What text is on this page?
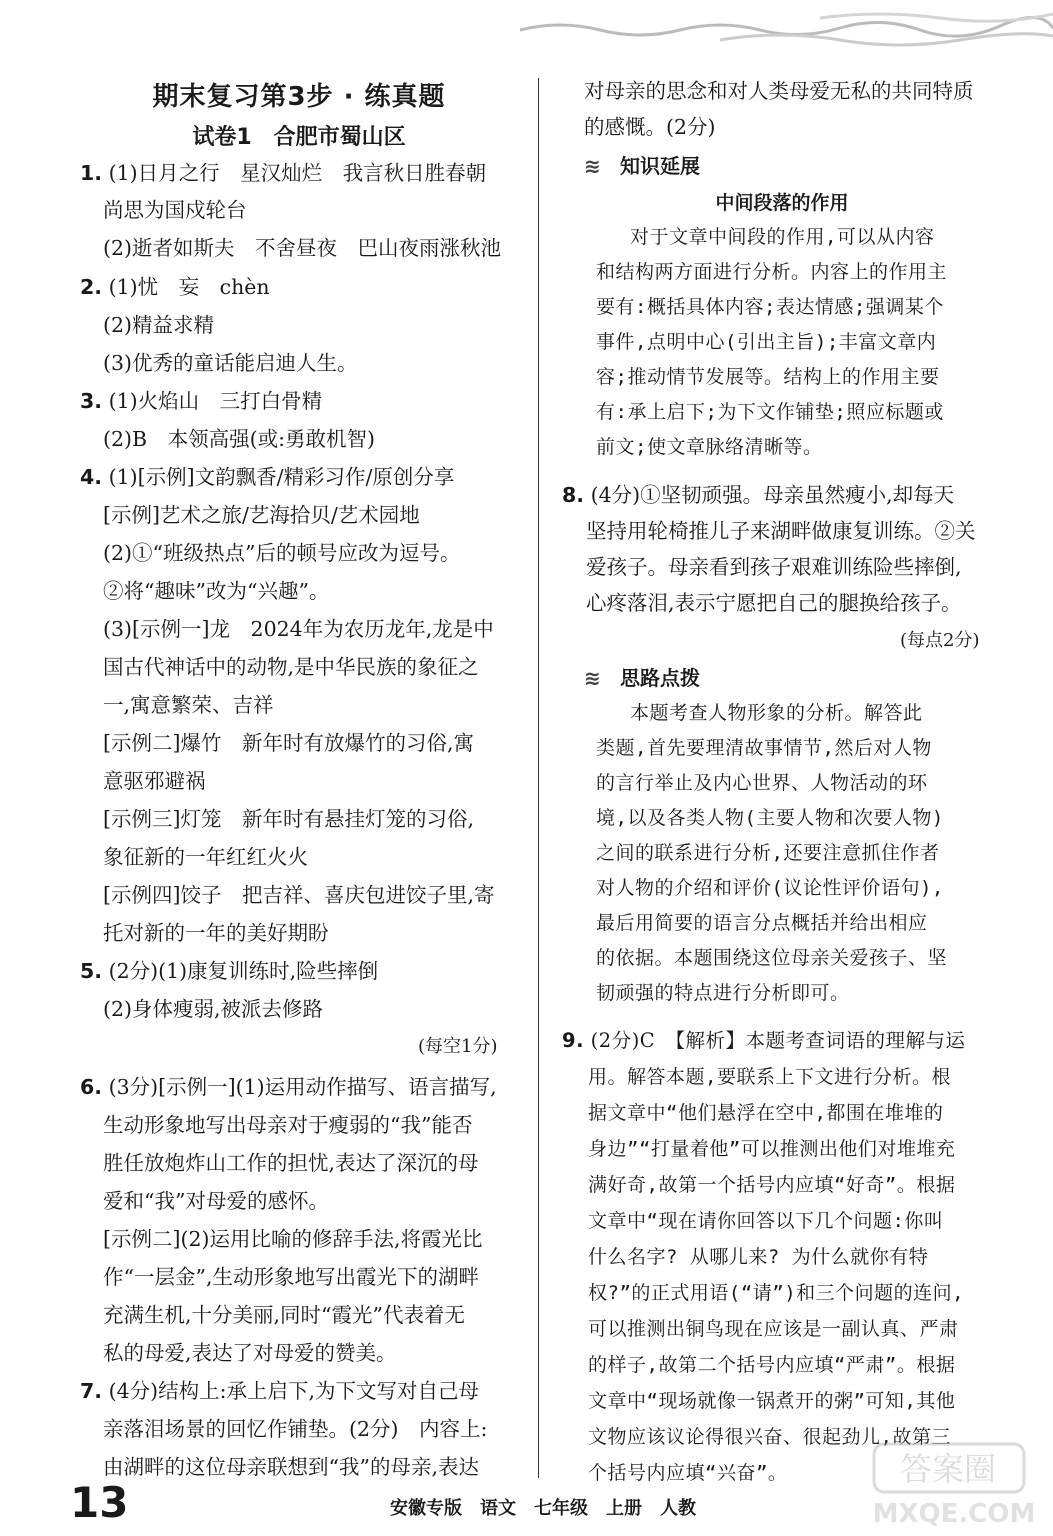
期末复习第3步 · 练真题
试卷1　合肥市蜀山区
1. (1)日月之行　星汉灿烂　我言秋日胜春朝
尚思为国戍轮台
(2)逝者如斯夫　不舍昼夜　巴山夜雨涨秋池
2. (1)忧　妄　chèn
(2)精益求精
(3)优秀的童话能启迪人生。
3. (1)火焰山　三打白骨精
(2)B　本领高强(或:勇敢机智)
4. (1)[示例]文韵飘香/精彩习作/原创分享
[示例]艺术之旅/艺海拾贝/艺术园地
(2)①“班级热点”后的顿号应改为逗号。
②将“趣味”改为“兴趣”。
(3)[示例一]龙　2024年为农历龙年,龙是中
国古代神话中的动物,是中华民族的象征之
一,寓意繁荣、吉祥
[示例二]爆竹　新年时有放爆竹的习俗,寓
意驱邪避祸
[示例三]灯笼　新年时有悬挂灯笼的习俗,
象征新的一年红红火火
[示例四]饺子　把吉祥、喜庆包进饺子里,寄
托对新的一年的美好期盼
5. (2分)(1)康复训练时,险些摔倒
(2)身体瘦弱,被派去修路
(每空1分)
6. (3分)[示例一](1)运用动作描写、语言描写,
生动形象地写出母亲对于瘦弱的“我”能否
胜任放炮炸山工作的担忧,表达了深沉的母
爱和“我”对母爱的感怀。
[示例二](2)运用比喻的修辞手法,将霞光比
作“一层金”,生动形象地写出霞光下的湖畔
充满生机,十分美丽,同时“霞光”代表着无
私的母爱,表达了对母爱的赞美。
7. (4分)结构上:承上启下,为下文写对自己母
亲落泪场景的回忆作铺垫。(2分)　内容上:
由湖畔的这位母亲联想到“我”的母亲,表达
对母亲的思念和对人类母爱无私的共同特质
的感慨。(2分)
对于文章中间段的作用,可以从内容
和结构两方面进行分析。内容上的作用主
要有:概括具体内容;表达情感;强调某个
事件,点明中心(引出主旨);丰富文章内
容;推动情节发展等。结构上的作用主要
有:承上启下;为下文作铺垫;照应标题或
前文;使文章脉络清晰等。
8. (4分)①坚韧顽强。母亲虽然瘦小,却每天
坚持用轮椅推儿子来湖畔做康复训练。②关
爱孩子。母亲看到孩子艰难训练险些摔倒,
心疼落泪,表示宁愿把自己的腿换给孩子。
(每点2分)
本题考查人物形象的分析。解答此
类题,首先要理清故事情节,然后对人物
的言行举止及内心世界、人物活动的环
境,以及各类人物(主要人物和次要人物)
之间的联系进行分析,还要注意抓住作者
对人物的介绍和评价(议论性评价语句),
最后用简要的语言分点概括并给出相应
的依据。本题围绕这位母亲关爱孩子、坚
韧顽强的特点进行分析即可。
9. (2分)C　【解析】本题考查词语的理解与运
用。解答本题,要联系上下文进行分析。根
据文章中“他们悬浮在空中,都围在堆堆的
身边”“打量着他”可以推测出他们对堆堆充
满好奇,故第一个括号内应填“好奇”。根据
文章中“现在请你回答以下几个问题:你叫
什么名字? 从哪儿来? 为什么就你有特
权?”的正式用语(“请”)和三个问题的连问,
可以推测出铜鸟现在应该是一副认真、严肃
的样子,故第二个括号内应填“严肃”。根据
文章中“现场就像一锅煮开的粥”可知,其他
文物应该议论得很兴奋、很起劲儿,故第三
个括号内应填“兴奋”。
≋ 知识延展
中间段落的作用
≋ 思路点拨
13	安徽专版　语文　七年级　上册　人教
答案圈
MXQE.COM
